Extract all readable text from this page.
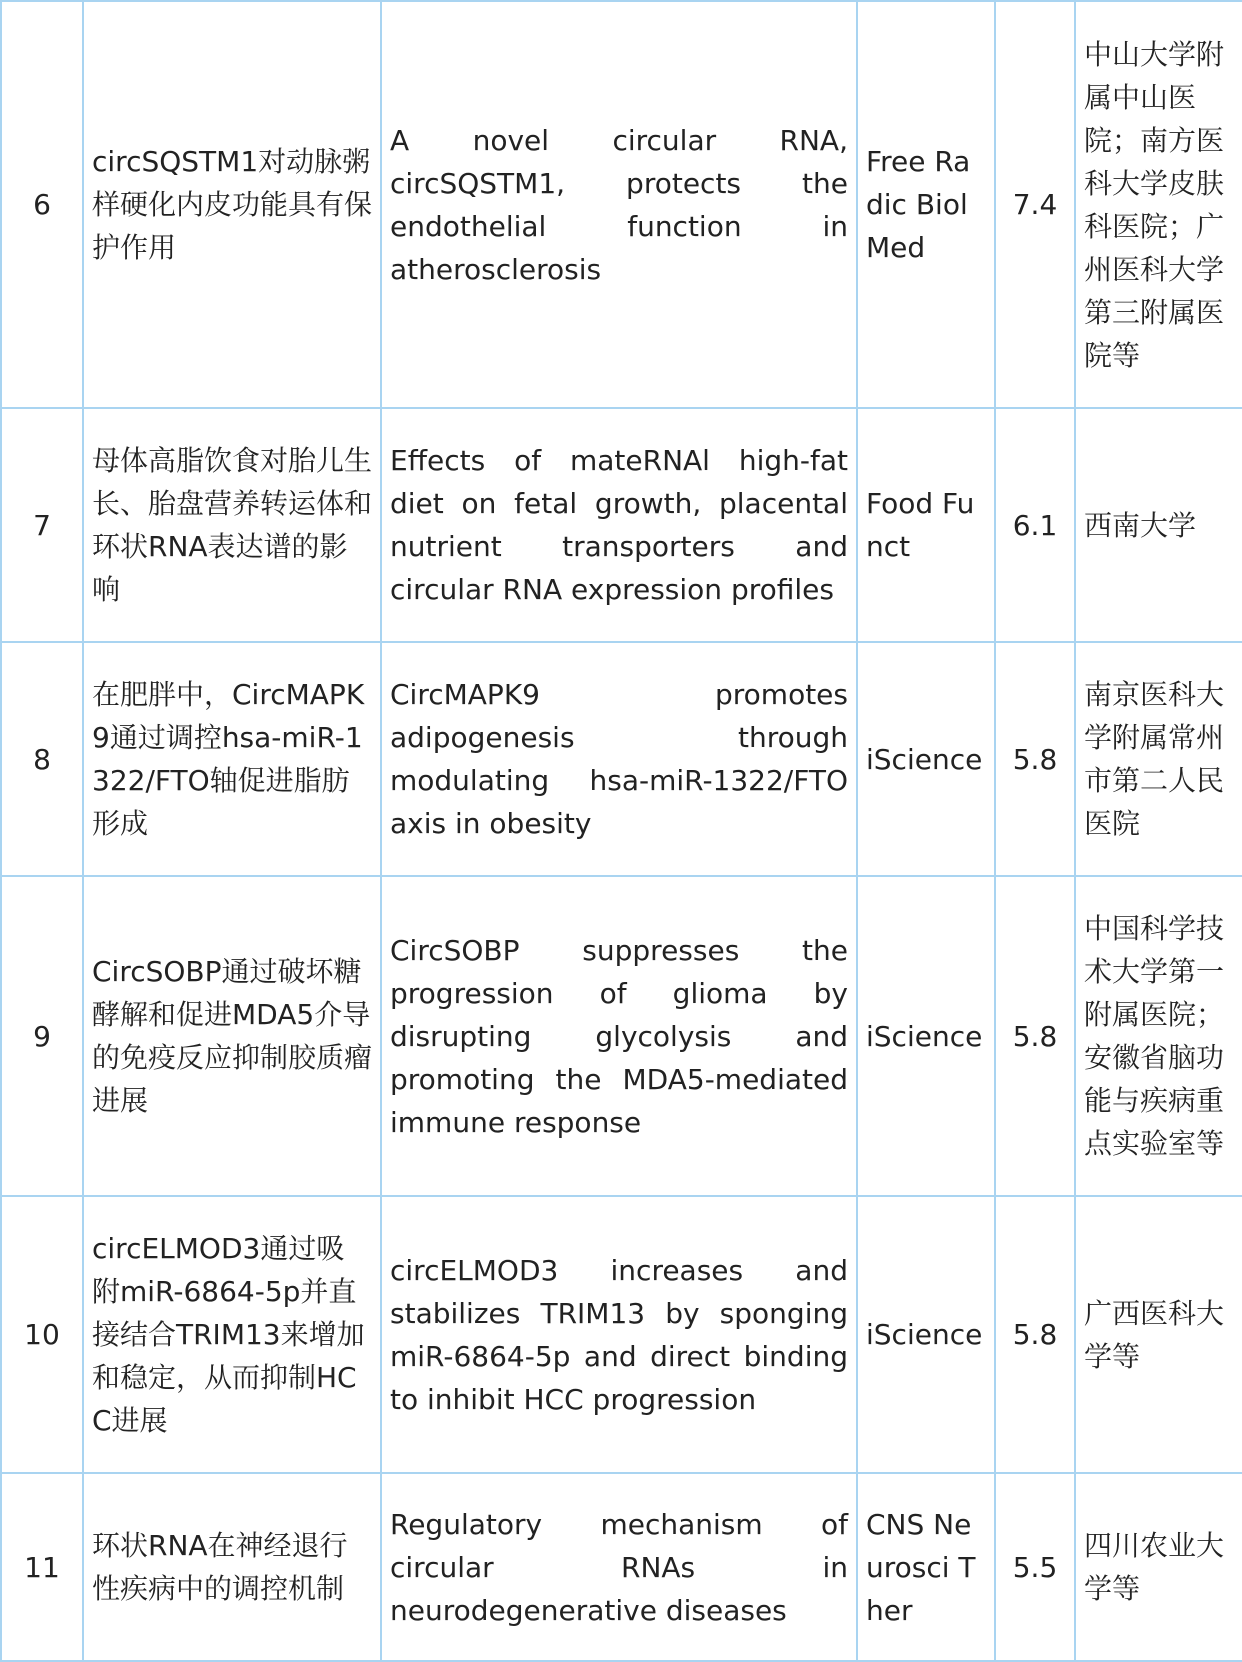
6	circSQSTM1对动脉粥样硬化内皮功能具有保护作用	A novel circular RNA, circSQSTM1, protects the endothelial function in atherosclerosis	Free Radic Biol Med	7.4	中山大学附属中山医院；南方医科大学皮肤科医院；广州医科大学第三附属医院等
7	母体高脂饮食对胎儿生长、胎盘营养转运体和环状RNA表达谱的影响	Effects of mateRNAl high-fat diet on fetal growth, placental nutrient transporters and circular RNA expression profiles	Food Funct	6.1	西南大学
8	在肥胖中，CircMAPK9通过调控hsa-miR-1322/FTO轴促进脂肪形成	CircMAPK9 promotes adipogenesis through modulating hsa-miR-1322/FTO axis in obesity	iScience	5.8	南京医科大学附属常州市第二人民医院
9	CircSOBP通过破坏糖酵解和促进MDA5介导的免疫反应抑制胶质瘤进展	CircSOBP suppresses the progression of glioma by disrupting glycolysis and promoting the MDA5-mediated immune response	iScience	5.8	中国科学技术大学第一附属医院；安徽省脑功能与疾病重点实验室等
10	circELMOD3通过吸附miR-6864-5p并直接结合TRIM13来增加和稳定，从而抑制HCC进展	circELMOD3 increases and stabilizes TRIM13 by sponging miR-6864-5p and direct binding to inhibit HCC progression	iScience	5.8	广西医科大学等
11	环状RNA在神经退行性疾病中的调控机制	Regulatory mechanism of circular RNAs in neurodegenerative diseases	CNS Neurosci Ther	5.5	四川农业大学等
